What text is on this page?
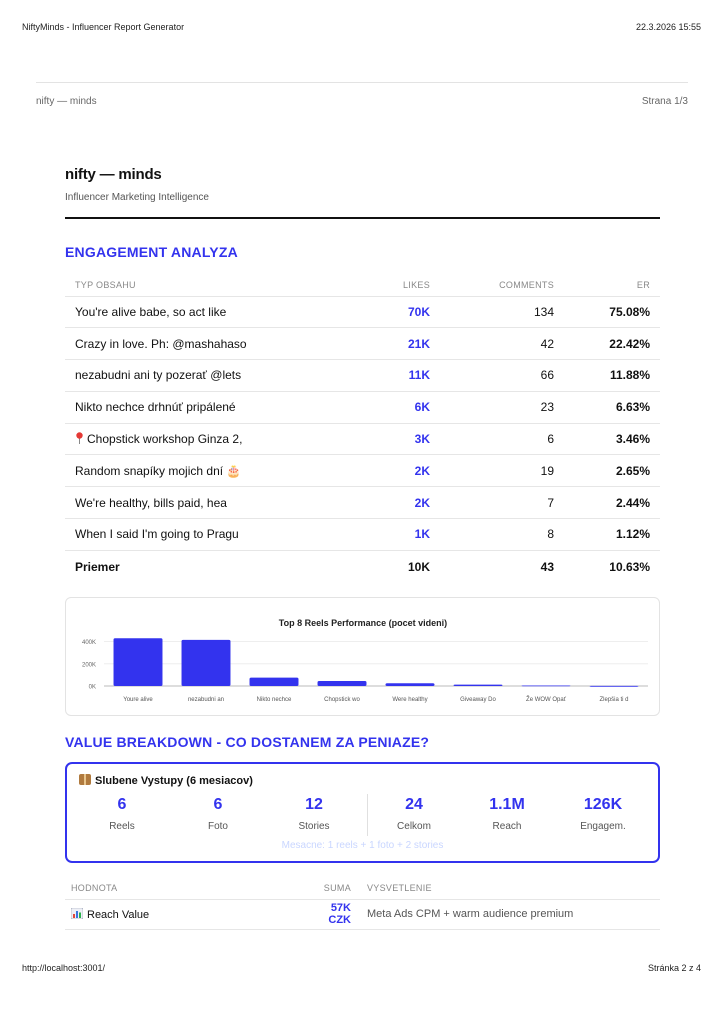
NiftyMinds - Influencer Report Generator	22.3.2026 15:55
nifty — minds	Strana 1/3
nifty — minds
Influencer Marketing Intelligence
ENGAGEMENT ANALYZA
TYP OBSAHU	LIKES	COMMENTS	ER
You're alive babe, so act like	70K	134	75.08%
Crazy in love. Ph: @mashahaso	21K	42	22.42%
nezabudni ani ty pozerať @lets	11K	66	11.88%
Nikto nechce drhnúť pripálené	6K	23	6.63%
Chopstick workshop Ginza 2,	3K	6	3.46%
Random snapíky mojich dní 🎂	2K	19	2.65%
We're healthy, bills paid, hea	2K	7	2.44%
When I said I'm going to Pragu	1K	8	1.12%
Priemer	10K	43	10.63%
Top 8 Reels Performance (pocet videni)
0K
200K
400K
Youre alive	nezabudni an	Nikto nechce	Chopstick wo	Were healthy	Giveaway Do	Že WOW Opať	Zlepšia ti d
VALUE BREAKDOWN - CO DOSTANEM ZA PENIAZE?
Slubene Vystupy (6 mesiacov)
6
Reels
6
Foto
12
Stories
24
Celkom
1.1M
Reach
126K
Engagem.
Mesacne: 1 reels + 1 foto + 2 stories
HODNOTA	SUMA	VYSVETLENIE
Reach Value	57K CZK	Meta Ads CPM + warm audience premium
http://localhost:3001/	Stránka 2 z 4
